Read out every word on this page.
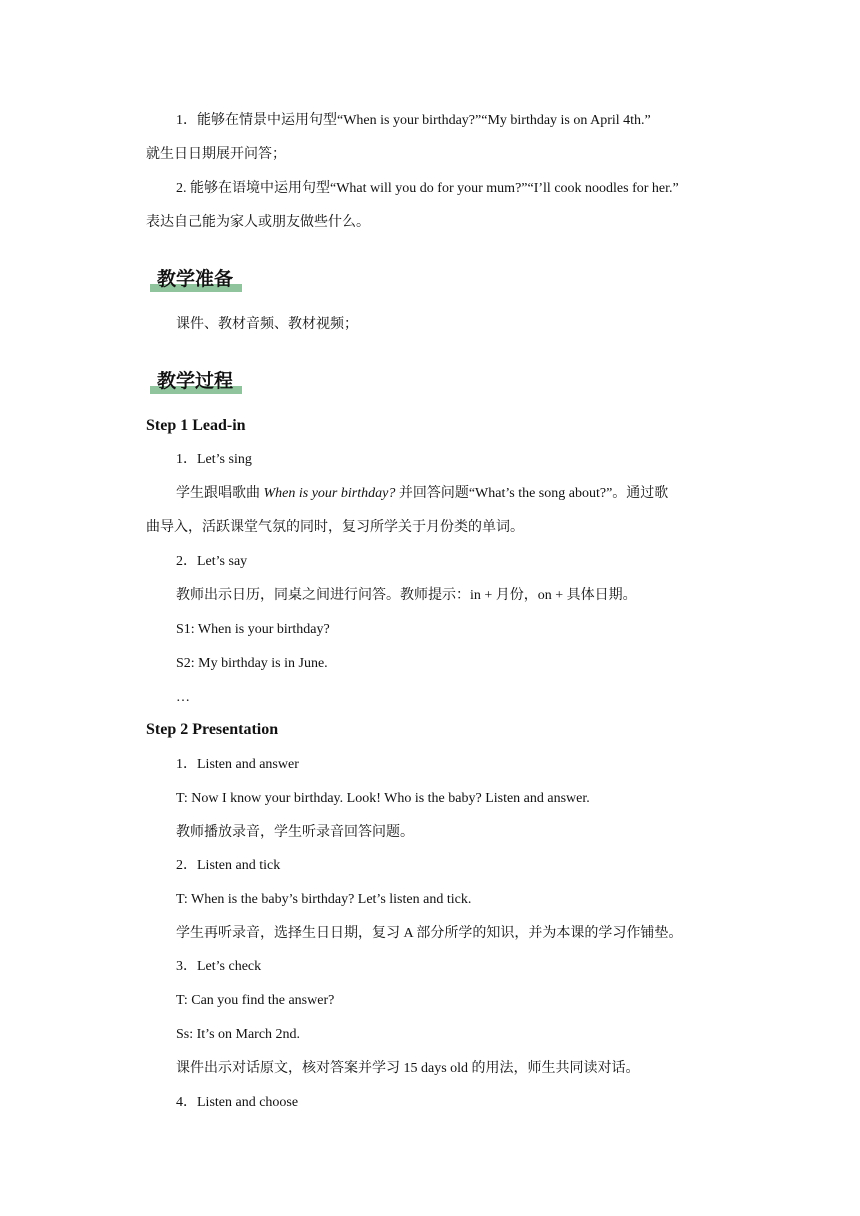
1．能够在情景中运用句型“When is your birthday?”“My birthday is on April 4th.”
就生日日期展开问答；
2. 能够在语境中运用句型“What will you do for your mum?”“I’ll cook noodles for her.”
表达自己能为家人或朋友做些什么。
教学准备
课件、教材音频、教材视频；
教学过程
Step 1 Lead-in
1．Let’s sing
学生跟唱歌曲 When is your birthday? 并回答问题“What’s the song about?”。通过歌
曲导入，活跃课堂气氛的同时，复习所学关于月份类的单词。
2．Let’s say
教师出示日历，同桌之间进行问答。教师提示：in + 月份，on + 具体日期。
S1: When is your birthday?
S2: My birthday is in June.
…
Step 2 Presentation
1．Listen and answer
T: Now I know your birthday. Look! Who is the baby? Listen and answer.
教师播放录音，学生听录音回答问题。
2．Listen and tick
T: When is the baby’s birthday? Let’s listen and tick.
学生再听录音，选择生日日期，复习 A 部分所学的知识，并为本课的学习作铺垫。
3．Let’s check
T: Can you find the answer?
Ss: It’s on March 2nd.
课件出示对话原文，核对答案并学习 15 days old 的用法，师生共同读对话。
4．Listen and choose
